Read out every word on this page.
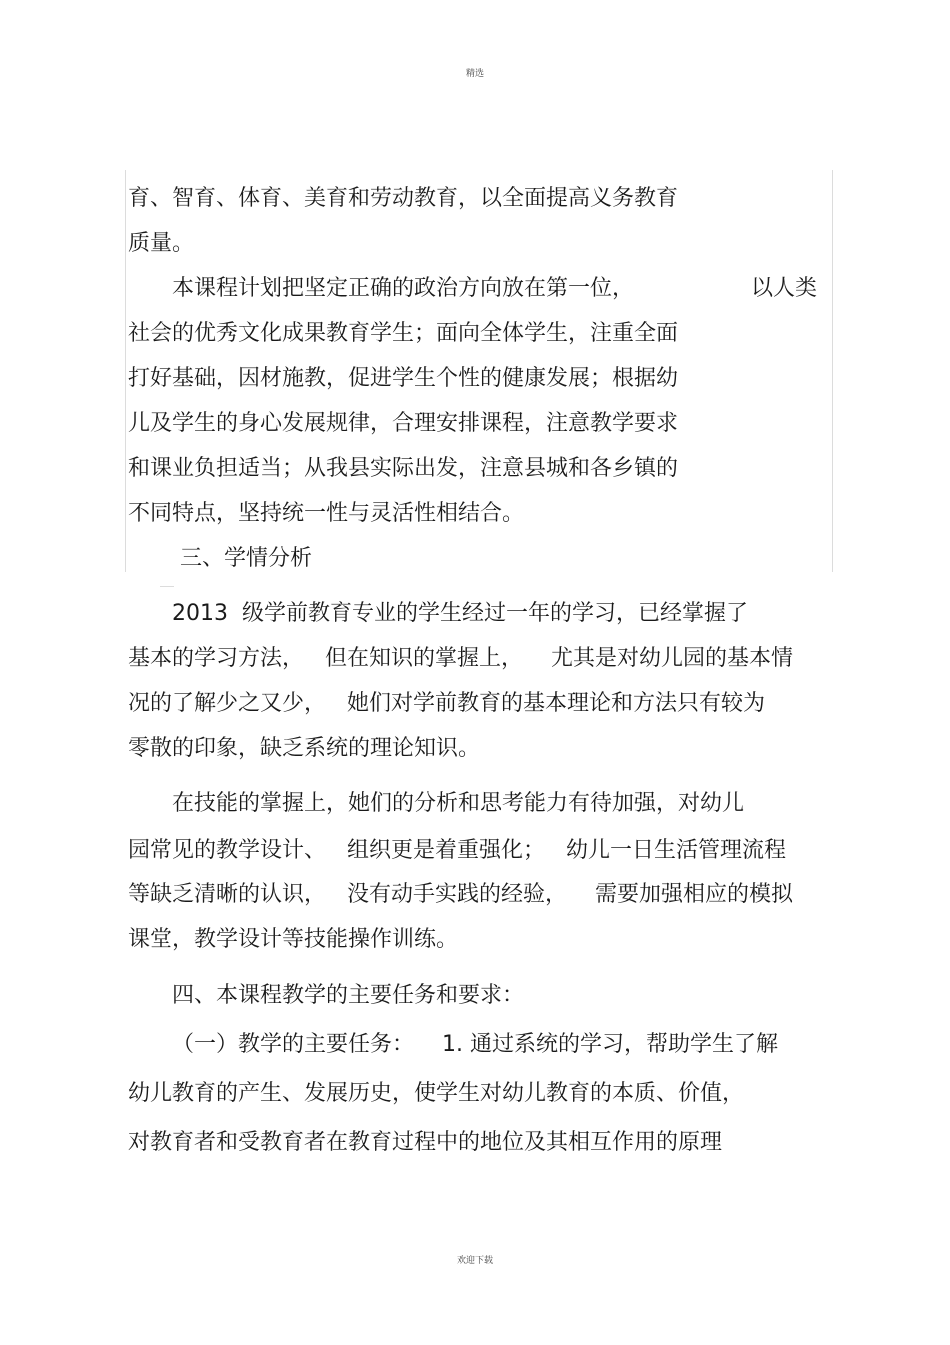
精选
育、智育、体育、美育和劳动教育，以全面提高义务教育
质量。
本课程计划把坚定正确的政治方向放在第一位，	以人类
社会的优秀文化成果教育学生；面向全体学生，注重全面
打好基础，因材施教，促进学生个性的健康发展；根据幼
儿及学生的身心发展规律，合理安排课程，注意教学要求
和课业负担适当；从我县实际出发，注意县城和各乡镇的
不同特点，坚持统一性与灵活性相结合。
三、学情分析
2013  级学前教育专业的学生经过一年的学习，已经掌握了
基本的学习方法，   但在知识的掌握上，    尤其是对幼儿园的基本情
况的了解少之又少，   她们对学前教育的基本理论和方法只有较为
零散的印象，缺乏系统的理论知识。
在技能的掌握上，她们的分析和思考能力有待加强，对幼儿
园常见的教学设计、   组织更是着重强化；   幼儿一日生活管理流程
等缺乏清晰的认识，   没有动手实践的经验，    需要加强相应的模拟
课堂，教学设计等技能操作训练。
四、本课程教学的主要任务和要求：
（一）教学的主要任务：    1. 通过系统的学习，帮助学生了解
幼儿教育的产生、发展历史，使学生对幼儿教育的本质、价值，
对教育者和受教育者在教育过程中的地位及其相互作用的原理
欢迎下载
